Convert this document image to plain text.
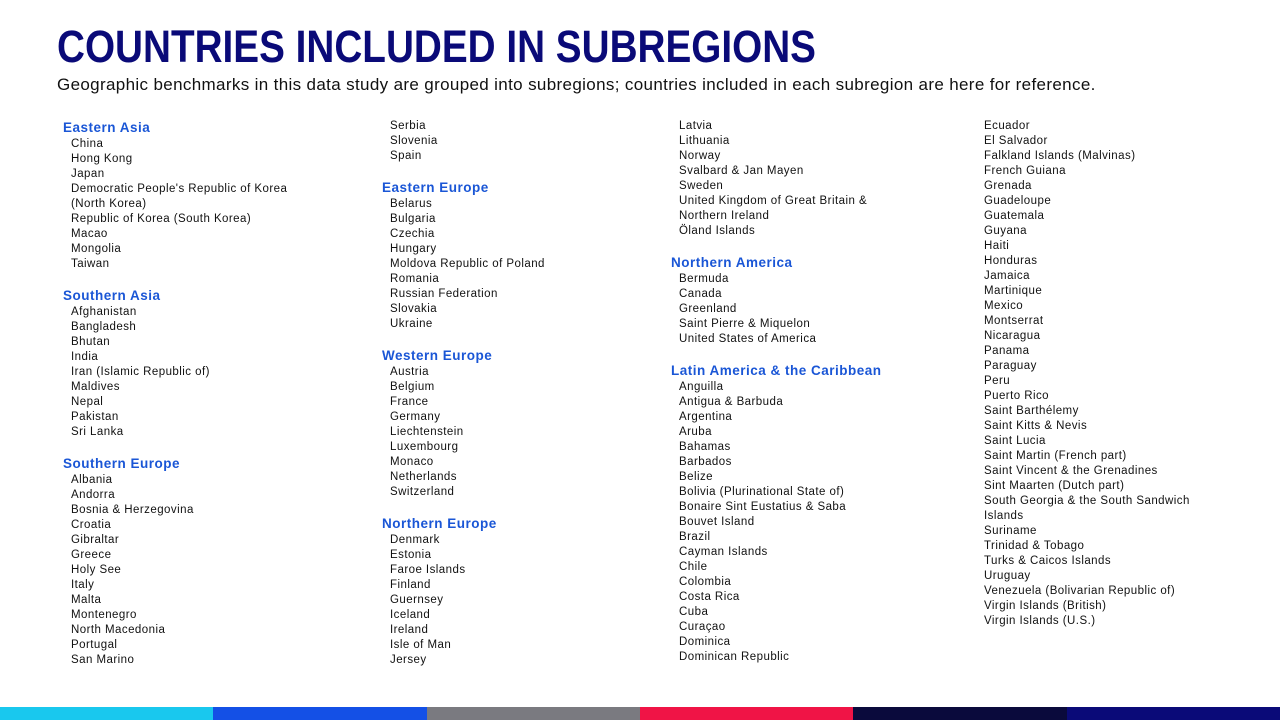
COUNTRIES INCLUDED IN SUBREGIONS

Geographic benchmarks in this data study are grouped into subregions; countries included in each subregion are here for reference.

Eastern Asia
China
Hong Kong
Japan
Democratic People's Republic of Korea
(North Korea)
Republic of Korea (South Korea)
Macao
Mongolia
Taiwan
Southern Asia
Afghanistan
Bangladesh
Bhutan
India
Iran (Islamic Republic of)
Maldives
Nepal
Pakistan
Sri Lanka
Southern Europe
Albania
Andorra
Bosnia & Herzegovina
Croatia
Gibraltar
Greece
Holy See
Italy
Malta
Montenegro
North Macedonia
Portugal
San Marino
Serbia
Slovenia
Spain
Eastern Europe
Belarus
Bulgaria
Czechia
Hungary
Moldova Republic of Poland
Romania
Russian Federation
Slovakia
Ukraine
Western Europe
Austria
Belgium
France
Germany
Liechtenstein
Luxembourg
Monaco
Netherlands
Switzerland
Northern Europe
Denmark
Estonia
Faroe Islands
Finland
Guernsey
Iceland
Ireland
Isle of Man
Jersey
Latvia
Lithuania
Norway
Svalbard & Jan Mayen
Sweden
United Kingdom of Great Britain &
Northern Ireland
Öland Islands
Northern America
Bermuda
Canada
Greenland
Saint Pierre & Miquelon
United States of America
Latin America & the Caribbean
Anguilla
Antigua & Barbuda
Argentina
Aruba
Bahamas
Barbados
Belize
Bolivia (Plurinational State of)
Bonaire Sint Eustatius & Saba
Bouvet Island
Brazil
Cayman Islands
Chile
Colombia
Costa Rica
Cuba
Curaçao
Dominica
Dominican Republic
Ecuador
El Salvador
Falkland Islands (Malvinas)
French Guiana
Grenada
Guadeloupe
Guatemala
Guyana
Haiti
Honduras
Jamaica
Martinique
Mexico
Montserrat
Nicaragua
Panama
Paraguay
Peru
Puerto Rico
Saint Barthélemy
Saint Kitts & Nevis
Saint Lucia
Saint Martin (French part)
Saint Vincent & the Grenadines
Sint Maarten (Dutch part)
South Georgia & the South Sandwich
Islands
Suriname
Trinidad & Tobago
Turks & Caicos Islands
Uruguay
Venezuela (Bolivarian Republic of)
Virgin Islands (British)
Virgin Islands (U.S.)
